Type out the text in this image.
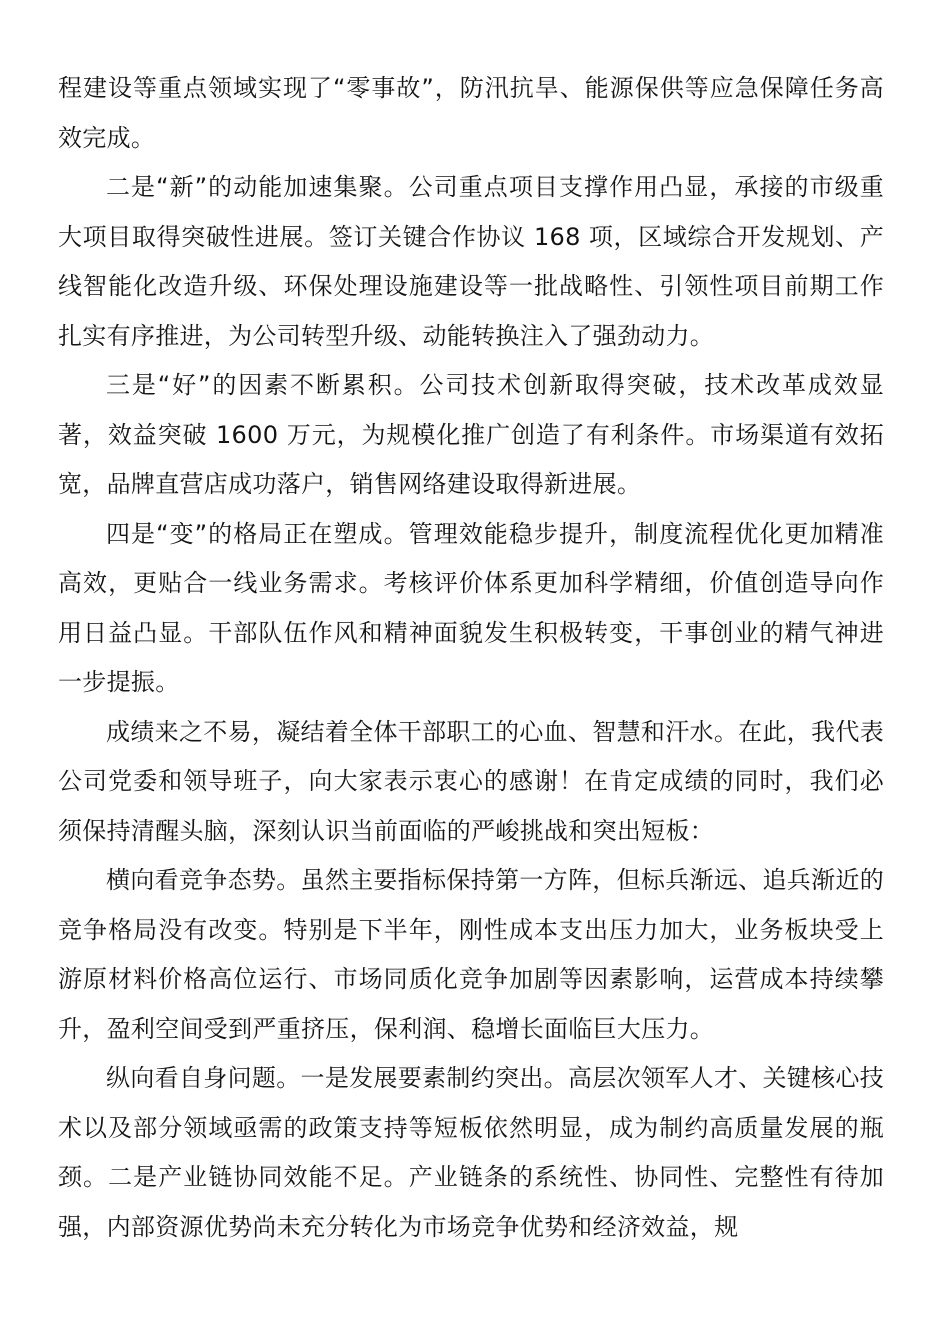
程建设等重点领域实现了“零事故”，防汛抗旱、能源保供等应急保障任务高效完成。

二是“新”的动能加速集聚。公司重点项目支撑作用凸显，承接的市级重大项目取得突破性进展。签订关键合作协议 168 项，区域综合开发规划、产线智能化改造升级、环保处理设施建设等一批战略性、引领性项目前期工作扎实有序推进，为公司转型升级、动能转换注入了强劲动力。

三是“好”的因素不断累积。公司技术创新取得突破，技术改革成效显著，效益突破 1600 万元，为规模化推广创造了有利条件。市场渠道有效拓宽，品牌直营店成功落户，销售网络建设取得新进展。

四是“变”的格局正在塑成。管理效能稳步提升，制度流程优化更加精准高效，更贴合一线业务需求。考核评价体系更加科学精细，价值创造导向作用日益凸显。干部队伍作风和精神面貌发生积极转变，干事创业的精气神进一步提振。

成绩来之不易，凝结着全体干部职工的心血、智慧和汗水。在此，我代表公司党委和领导班子，向大家表示衷心的感谢！在肯定成绩的同时，我们必须保持清醒头脑，深刻认识当前面临的严峻挑战和突出短板：

横向看竞争态势。虽然主要指标保持第一方阵，但标兵渐远、追兵渐近的竞争格局没有改变。特别是下半年，刚性成本支出压力加大，业务板块受上游原材料价格高位运行、市场同质化竞争加剧等因素影响，运营成本持续攀升，盈利空间受到严重挤压，保利润、稳增长面临巨大压力。

纵向看自身问题。一是发展要素制约突出。高层次领军人才、关键核心技术以及部分领域亟需的政策支持等短板依然明显，成为制约高质量发展的瓶颈。二是产业链协同效能不足。产业链条的系统性、协同性、完整性有待加强，内部资源优势尚未充分转化为市场竞争优势和经济效益，规
